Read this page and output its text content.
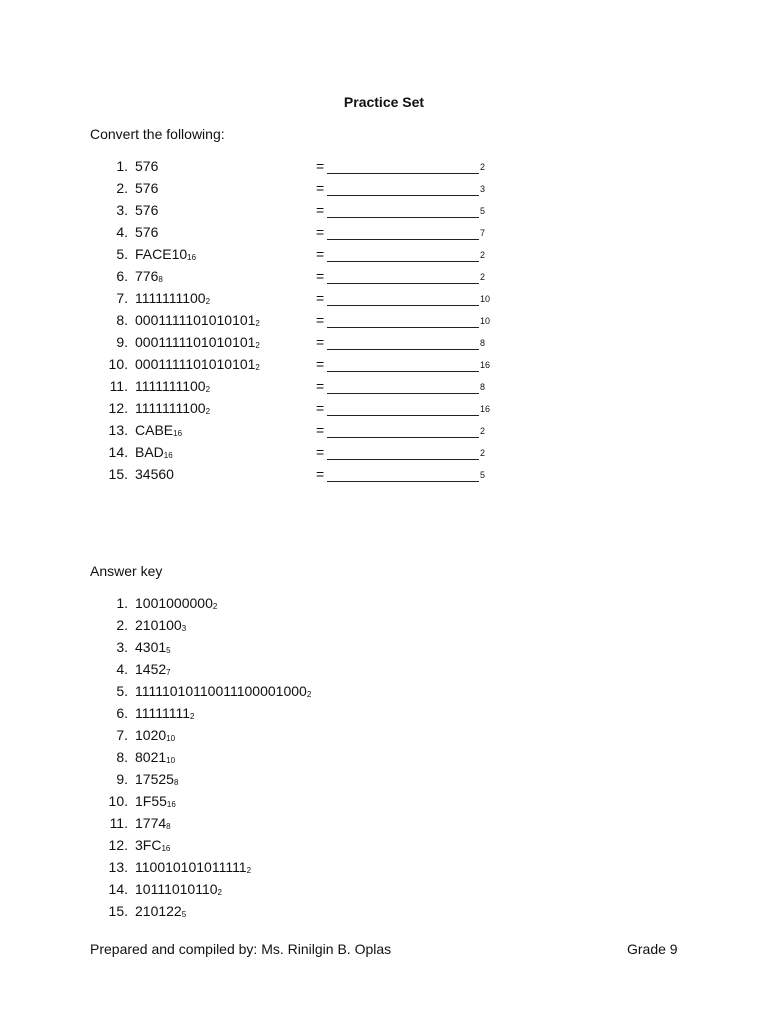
Practice Set
Convert the following:
1. 576	=	2
2. 576	=	3
3. 576	=	5
4. 576	=	7
5. $FACE10_{16}$	=	2
6. $776_8$	=	2
7. $1111111100_2$	=	10
8. $0001111101010101_2$	=	10
9. $0001111101010101_2$	=	8
10. $0001111101010101_2$	=	16
11. $1111111100_2$	=	8
12. $1111111100_2$	=	16
13. $CABE_{16}$	=	2
14. $BAD_{16}$	=	2
15. 34560	=	5
Answer key
1. $1001000000_2$
2. $210100_3$
3. $4301_5$
4. $1452_7$
5. $11111010110011100001000_2$
6. $11111111_2$
7. $1020_{10}$
8. $8021_{10}$
9. $17525_8$
10. $1F55_{16}$
11. $1774_8$
12. $3FC_{16}$
13. $110010101011111_2$
14. $10111010110_2$
15. $210122_5$
Prepared and compiled by: Ms. Rinilgin B. Oplas	Grade 9
